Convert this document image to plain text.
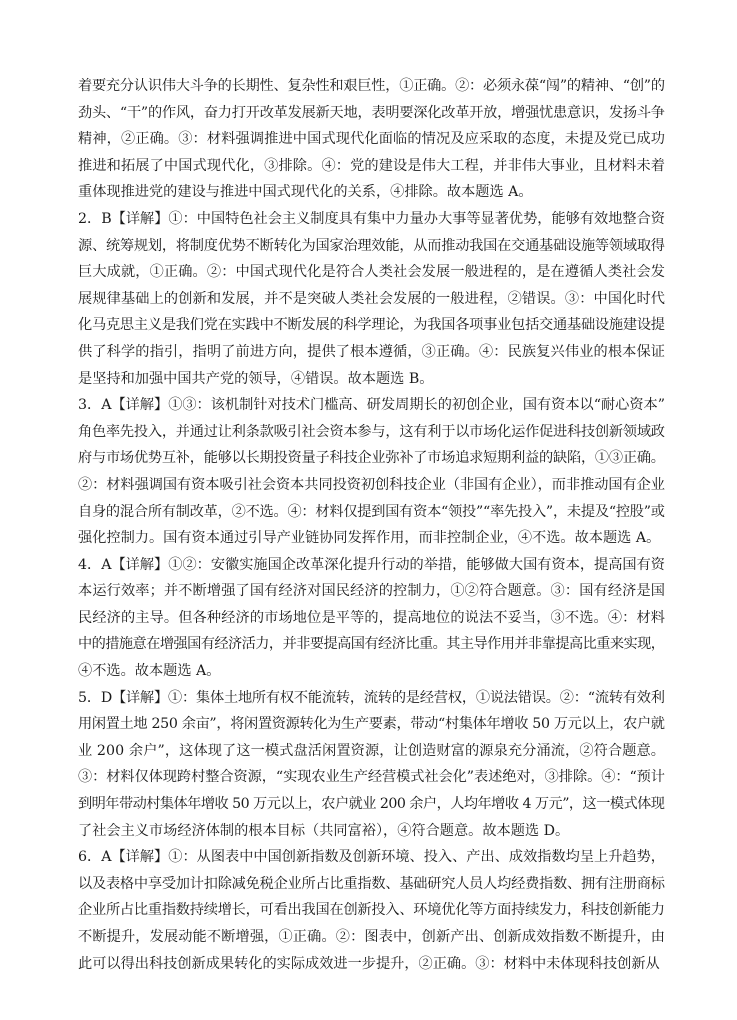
着要充分认识伟大斗争的长期性、复杂性和艰巨性，①正确。②：必须永葆“闯”的精神、“创”的
劲头、“干”的作风，奋力打开改革发展新天地，表明要深化改革开放，增强忧患意识，发扬斗争
精神，②正确。③：材料强调推进中国式现代化面临的情况及应采取的态度，未提及党已成功
推进和拓展了中国式现代化，③排除。④：党的建设是伟大工程，并非伟大事业，且材料未着
重体现推进党的建设与推进中国式现代化的关系，④排除。故本题选 A。
2．B【详解】①：中国特色社会主义制度具有集中力量办大事等显著优势，能够有效地整合资
源、统筹规划，将制度优势不断转化为国家治理效能，从而推动我国在交通基础设施等领域取得
巨大成就，①正确。②：中国式现代化是符合人类社会发展一般进程的，是在遵循人类社会发
展规律基础上的创新和发展，并不是突破人类社会发展的一般进程，②错误。③：中国化时代
化马克思主义是我们党在实践中不断发展的科学理论，为我国各项事业包括交通基础设施建设提
供了科学的指引，指明了前进方向，提供了根本遵循，③正确。④：民族复兴伟业的根本保证
是坚持和加强中国共产党的领导，④错误。故本题选 B。
3．A【详解】①③：该机制针对技术门槛高、研发周期长的初创企业，国有资本以“耐心资本”
角色率先投入，并通过让利条款吸引社会资本参与，这有利于以市场化运作促进科技创新领域政
府与市场优势互补，能够以长期投资量子科技企业弥补了市场追求短期利益的缺陷，①③正确。
②：材料强调国有资本吸引社会资本共同投资初创科技企业（非国有企业），而非推动国有企业
自身的混合所有制改革，②不选。④：材料仅提到国有资本“领投”“率先投入”，未提及“控股”或
强化控制力。国有资本通过引导产业链协同发挥作用，而非控制企业，④不选。故本题选 A。
4．A【详解】①②：安徽实施国企改革深化提升行动的举措，能够做大国有资本，提高国有资
本运行效率；并不断增强了国有经济对国民经济的控制力，①②符合题意。③：国有经济是国
民经济的主导。但各种经济的市场地位是平等的，提高地位的说法不妥当，③不选。④：材料
中的措施意在增强国有经济活力，并非要提高国有经济比重。其主导作用并非靠提高比重来实现，
④不选。故本题选 A。
5．D【详解】①：集体土地所有权不能流转，流转的是经营权，①说法错误。②：“流转有效利
用闲置土地 250 余亩”，将闲置资源转化为生产要素，带动“村集体年增收 50 万元以上，农户就
业 200 余户”，这体现了这一模式盘活闲置资源，让创造财富的源泉充分涌流，②符合题意。
③：材料仅体现跨村整合资源，“实现农业生产经营模式社会化”表述绝对，③排除。④：“预计
到明年带动村集体年增收 50 万元以上，农户就业 200 余户，人均年增收 4 万元”，这一模式体现
了社会主义市场经济体制的根本目标（共同富裕），④符合题意。故本题选 D。
6．A【详解】①：从图表中中国创新指数及创新环境、投入、产出、成效指数均呈上升趋势，
以及表格中享受加计扣除减免税企业所占比重指数、基础研究人员人均经费指数、拥有注册商标
企业所占比重指数持续增长，可看出我国在创新投入、环境优化等方面持续发力，科技创新能力
不断提升，发展动能不断增强，①正确。②：图表中，创新产出、创新成效指数不断提升，由
此可以得出科技创新成果转化的实际成效进一步提升，②正确。③：材料中未体现科技创新从
